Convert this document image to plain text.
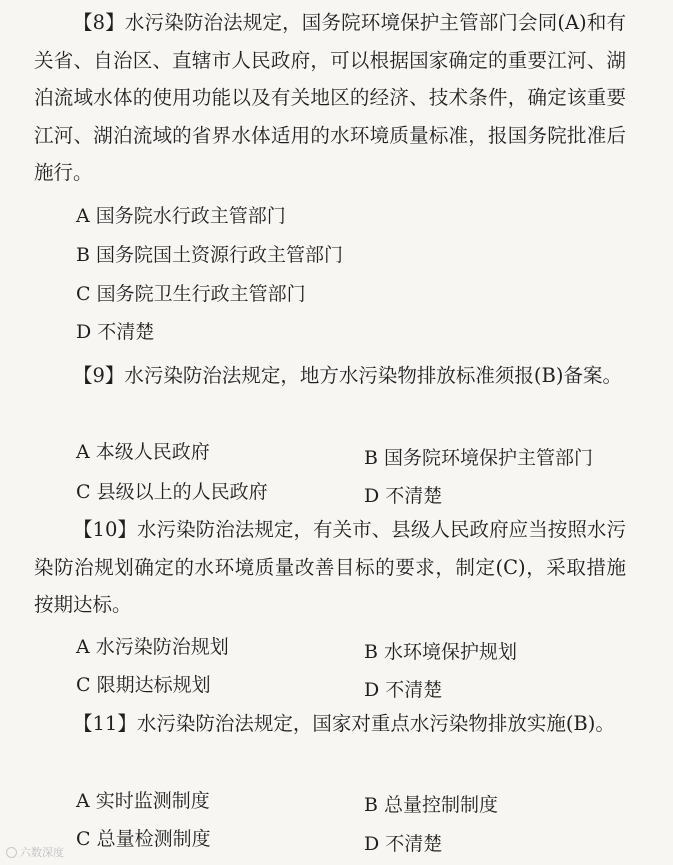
【8】水污染防治法规定，国务院环境保护主管部门会同(A)和有关省、自治区、直辖市人民政府，可以根据国家确定的重要江河、湖泊流域水体的使用功能以及有关地区的经济、技术条件，确定该重要江河、湖泊流域的省界水体适用的水环境质量标准，报国务院批准后施行。

A 国务院水行政主管部门
B 国务院国土资源行政主管部门
C 国务院卫生行政主管部门
D 不清楚

【9】水污染防治法规定，地方水污染物排放标准须报(B)备案。

A 本级人民政府	B 国务院环境保护主管部门
C 县级以上的人民政府	D 不清楚

【10】水污染防治法规定，有关市、县级人民政府应当按照水污染防治规划确定的水环境质量改善目标的要求，制定(C)，采取措施按期达标。

A 水污染防治规划	B 水环境保护规划
C 限期达标规划	D 不清楚

【11】水污染防治法规定，国家对重点水污染物排放实施(B)。

A 实时监测制度	B 总量控制制度
C 总量检测制度	D 不清楚
六数深度
